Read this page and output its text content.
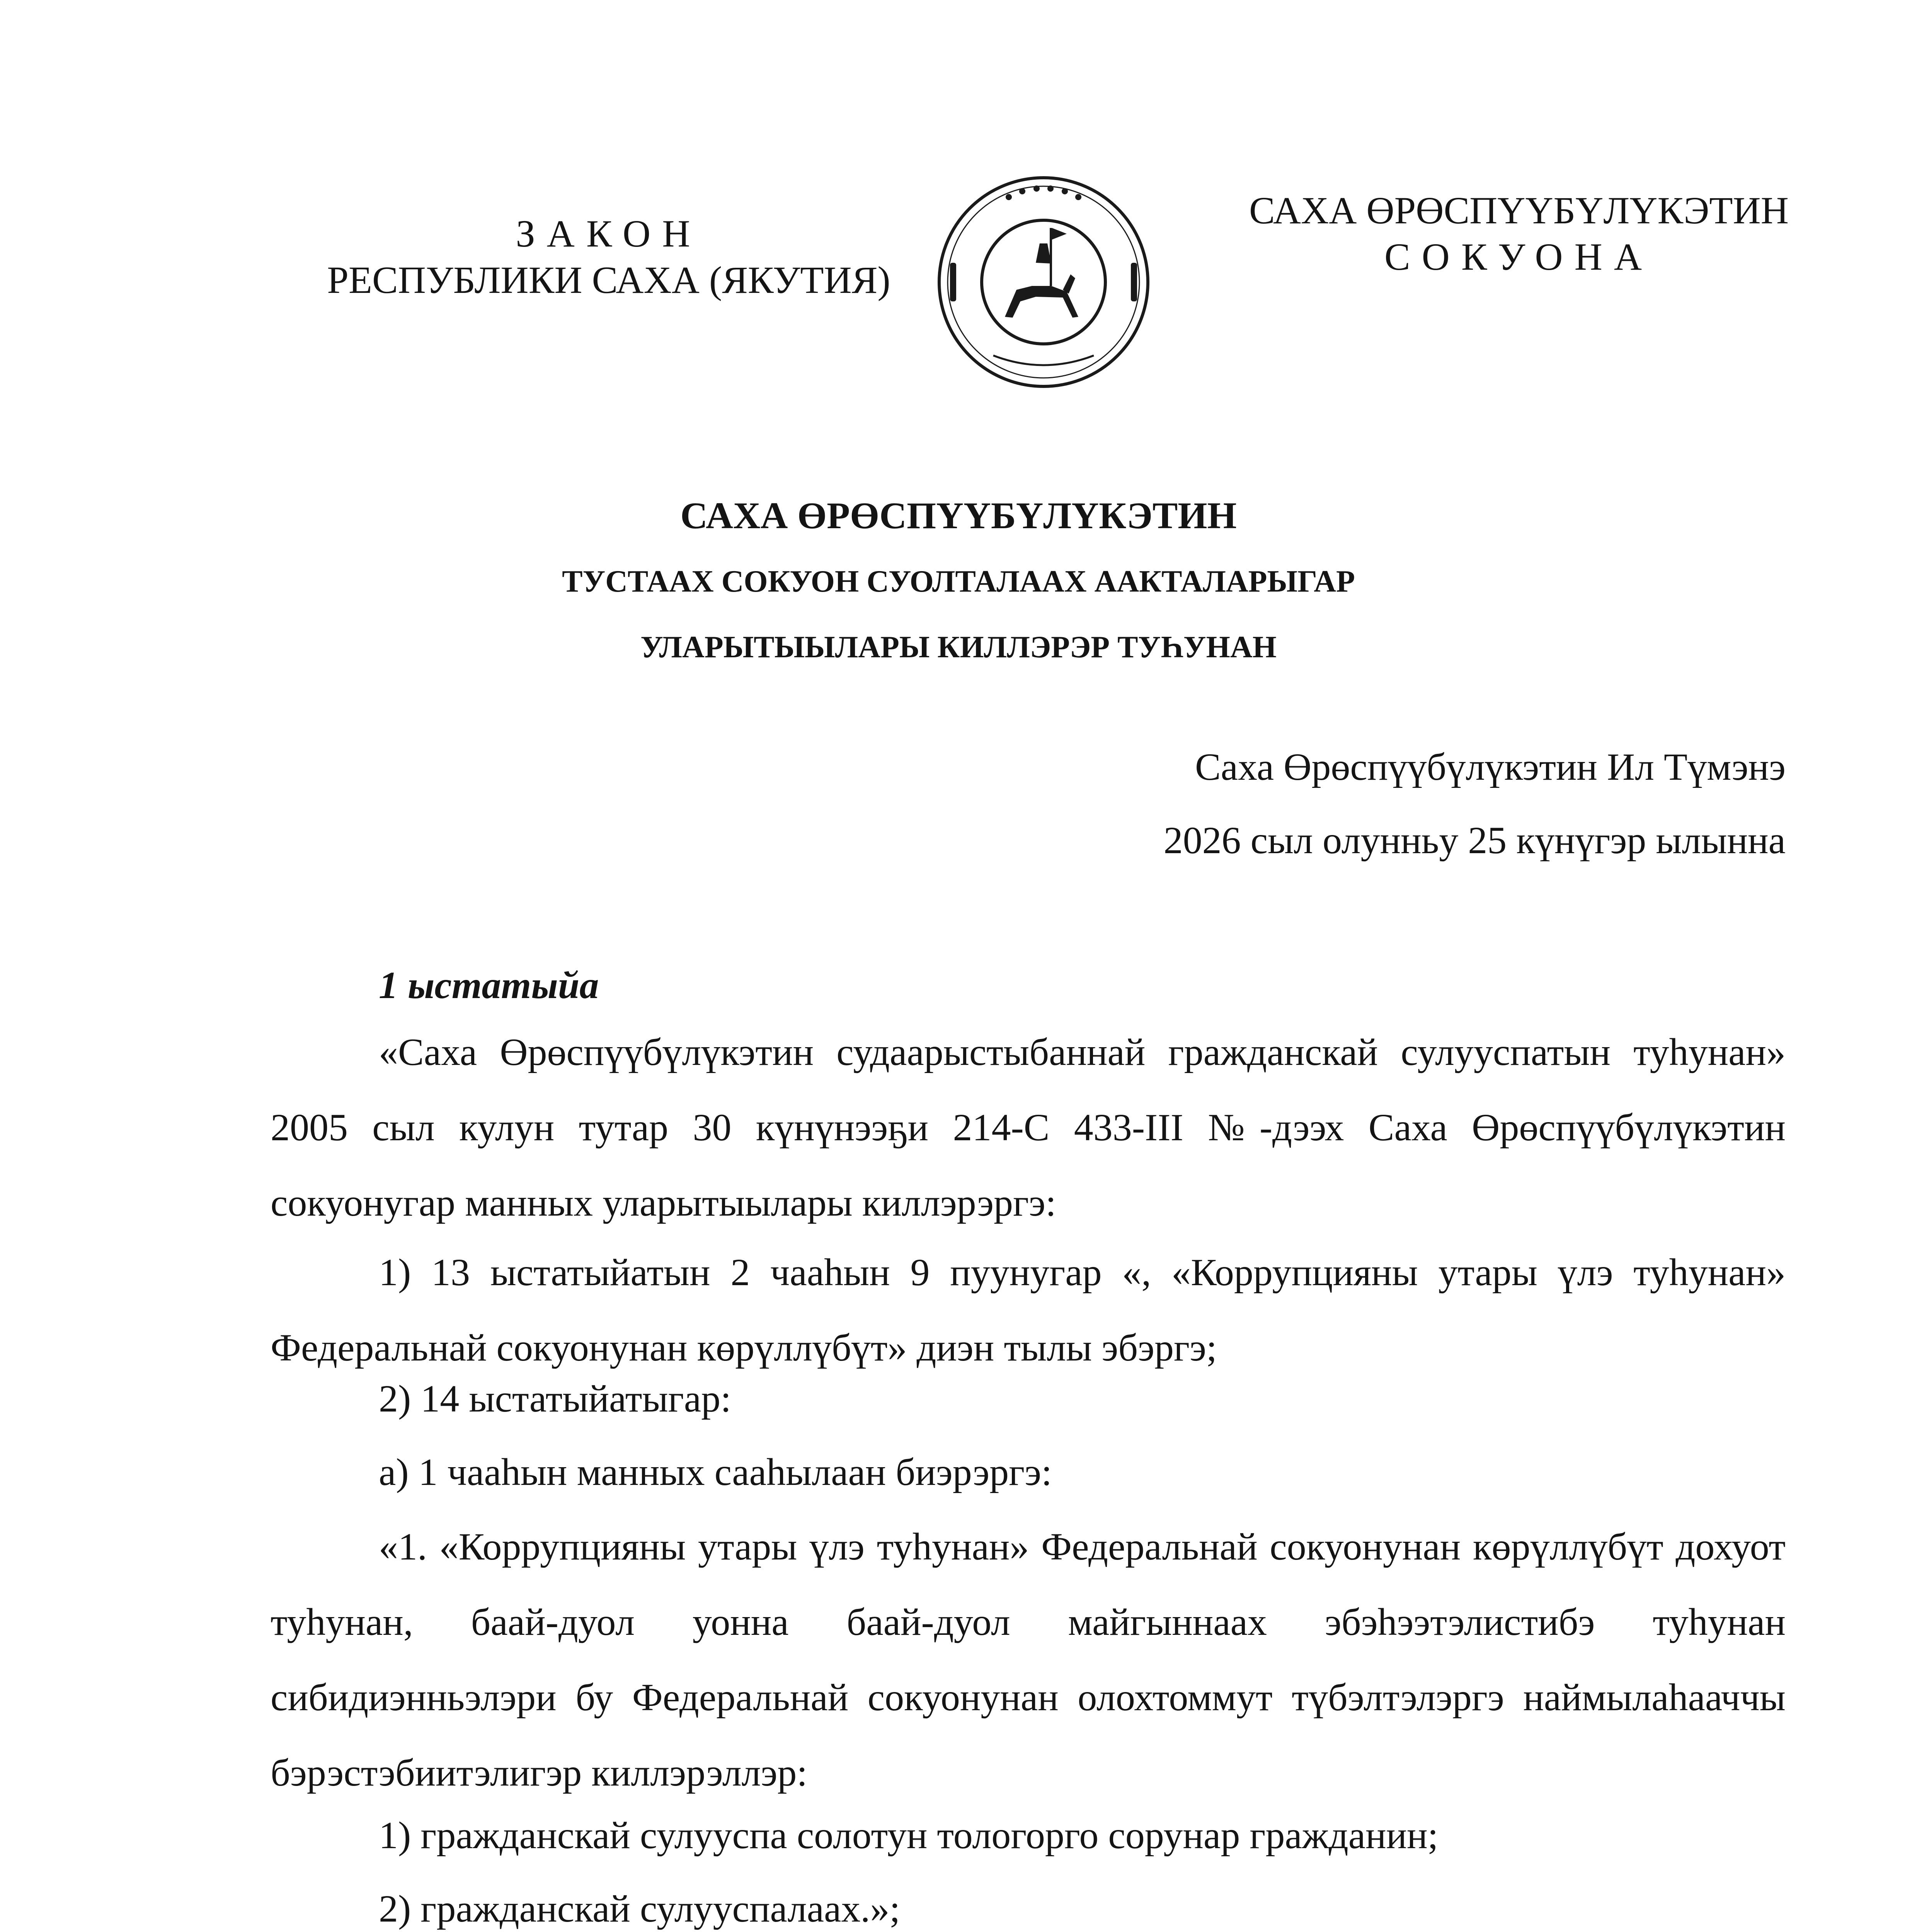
ЗАКОН
РЕСПУБЛИКИ САХА (ЯКУТИЯ)
САХА ӨРӨСПҮҮБҮЛҮКЭТИН
СОКУОНА
САХА ӨРӨСПҮҮБҮЛҮКЭТИН
ТУСТААХ СОКУОН СУОЛТАЛААХ ААКТАЛАРЫГАР
УЛАРЫТЫЫЛАРЫ КИЛЛЭРЭР ТУҺУНАН
Саха Өрөспүүбүлүкэтин Ил Түмэнэ
2026 сыл олунньу 25 күнүгэр ылынна
1 ыстатыйа
«Саха Өрөспүүбүлүкэтин судаарыстыбаннай гражданскай сулууспатын туһунан» 2005 сыл кулун тутар 30 күнүнээҕи 214-С 433-III №-дээх Саха Өрөспүүбүлүкэтин сокуонугар манных уларытыылары киллэрэргэ:
1) 13 ыстатыйатын 2 чааһын 9 пуунугар «, «Коррупцияны утары үлэ туһунан» Федеральнай сокуонунан көрүллүбүт» диэн тылы эбэргэ;
2) 14 ыстатыйатыгар:
а) 1 чааһын манных сааһылаан биэрэргэ:
«1. «Коррупцияны утары үлэ туһунан» Федеральнай сокуонунан көрүллүбүт дохуот туһунан, баай-дуол уонна баай-дуол майгыннаах эбэһээтэлистибэ туһунан сибидиэнньэлэри бу Федеральнай сокуонунан олохтоммут түбэлтэлэргэ наймылаһааччы бэрэстэбиитэлигэр киллэрэллэр:
1) гражданскай сулууспа солотун тологорго сорунар гражданин;
2) гражданскай сулууспалаах.»;
